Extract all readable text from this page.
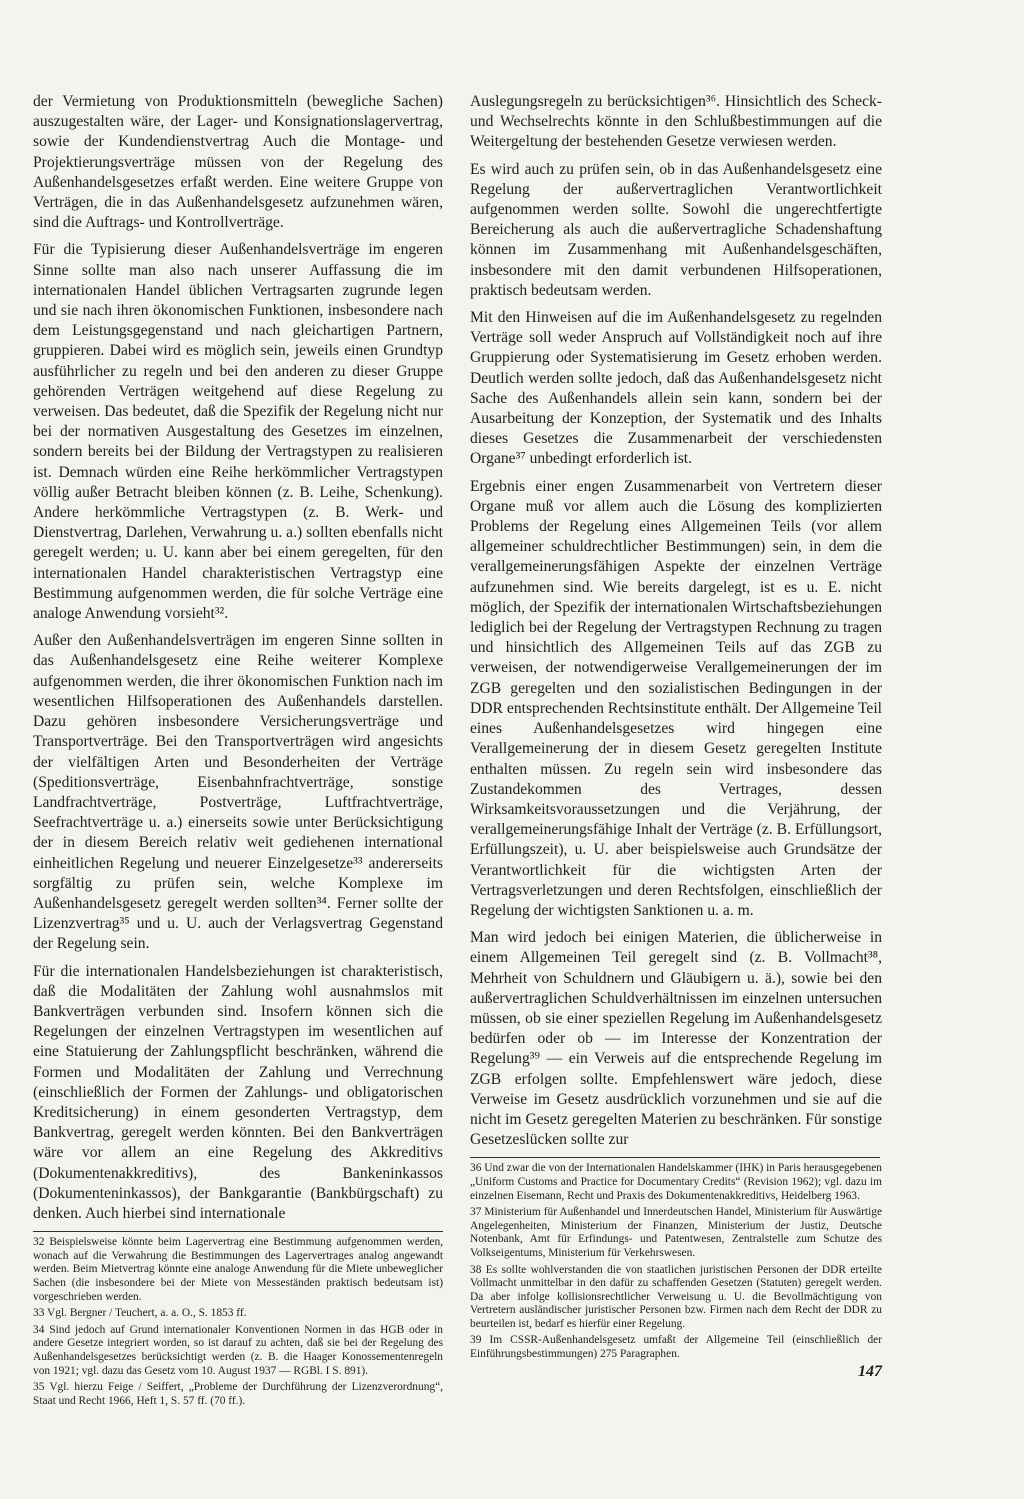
der Vermietung von Produktionsmitteln (bewegliche Sachen) auszugestalten wäre, der Lager- und Konsignationslagervertrag, sowie der Kundendienstvertrag Auch die Montage- und Projektierungsverträge müssen von der Regelung des Außenhandelsgesetzes erfaßt werden. Eine weitere Gruppe von Verträgen, die in das Außenhandelsgesetz aufzunehmen wären, sind die Auftrags- und Kontrollverträge.

Für die Typisierung dieser Außenhandelsverträge im engeren Sinne sollte man also nach unserer Auffassung die im internationalen Handel üblichen Vertragsarten zugrunde legen und sie nach ihren ökonomischen Funktionen, insbesondere nach dem Leistungsgegenstand und nach gleichartigen Partnern, gruppieren. Dabei wird es möglich sein, jeweils einen Grundtyp ausführlicher zu regeln und bei den anderen zu dieser Gruppe gehörenden Verträgen weitgehend auf diese Regelung zu verweisen. Das bedeutet, daß die Spezifik der Regelung nicht nur bei der normativen Ausgestaltung des Gesetzes im einzelnen, sondern bereits bei der Bildung der Vertragstypen zu realisieren ist. Demnach würden eine Reihe herkömmlicher Vertragstypen völlig außer Betracht bleiben können (z. B. Leihe, Schenkung). Andere herkömmliche Vertragstypen (z. B. Werk- und Dienstvertrag, Darlehen, Verwahrung u. a.) sollten ebenfalls nicht geregelt werden; u. U. kann aber bei einem geregelten, für den internationalen Handel charakteristischen Vertragstyp eine Bestimmung aufgenommen werden, die für solche Verträge eine analoge Anwendung vorsieht³².

Außer den Außenhandelsverträgen im engeren Sinne sollten in das Außenhandelsgesetz eine Reihe weiterer Komplexe aufgenommen werden, die ihrer ökonomischen Funktion nach im wesentlichen Hilfsoperationen des Außenhandels darstellen. Dazu gehören insbesondere Versicherungsverträge und Transportverträge. Bei den Transportverträgen wird angesichts der vielfältigen Arten und Besonderheiten der Verträge (Speditionsverträge, Eisenbahnfrachtverträge, sonstige Landfrachtverträge, Postverträge, Luftfrachtverträge, Seefrachtverträge u. a.) einerseits sowie unter Berücksichtigung der in diesem Bereich relativ weit gediehenen international einheitlichen Regelung und neuerer Einzelgesetze³³ andererseits sorgfältig zu prüfen sein, welche Komplexe im Außenhandelsgesetz geregelt werden sollten³⁴. Ferner sollte der Lizenzvertrag³⁵ und u. U. auch der Verlagsvertrag Gegenstand der Regelung sein.

Für die internationalen Handelsbeziehungen ist charakteristisch, daß die Modalitäten der Zahlung wohl ausnahmslos mit Bankverträgen verbunden sind. Insofern können sich die Regelungen der einzelnen Vertragstypen im wesentlichen auf eine Statuierung der Zahlungspflicht beschränken, während die Formen und Modalitäten der Zahlung und Verrechnung (einschließlich der Formen der Zahlungs- und obligatorischen Kreditsicherung) in einem gesonderten Vertragstyp, dem Bankvertrag, geregelt werden könnten. Bei den Bankverträgen wäre vor allem an eine Regelung des Akkreditivs (Dokumentenakkreditivs), des Bankeninkassos (Dokumenteninkassos), der Bankgarantie (Bankbürgschaft) zu denken. Auch hierbei sind internationale

32 Beispielsweise könnte beim Lagervertrag eine Bestimmung aufgenommen werden, wonach auf die Verwahrung die Bestimmungen des Lagervertrages analog angewandt werden. Beim Mietvertrag könnte eine analoge Anwendung für die Miete unbeweglicher Sachen (die insbesondere bei der Miete von Messeständen praktisch bedeutsam ist) vorgeschrieben werden.

33 Vgl. Bergner / Teuchert, a. a. O., S. 1853 ff.

34 Sind jedoch auf Grund internationaler Konventionen Normen in das HGB oder in andere Gesetze integriert worden, so ist darauf zu achten, daß sie bei der Regelung des Außenhandelsgesetzes berücksichtigt werden (z. B. die Haager Konossementenregeln von 1921; vgl. dazu das Gesetz vom 10. August 1937 — RGBl. I S. 891).

35 Vgl. hierzu Feige / Seiffert, „Probleme der Durchführung der Lizenzverordnung“, Staat und Recht 1966, Heft 1, S. 57 ff. (70 ff.).

Auslegungsregeln zu berücksichtigen³⁶. Hinsichtlich des Scheck- und Wechselrechts könnte in den Schlußbestimmungen auf die Weitergeltung der bestehenden Gesetze verwiesen werden.

Es wird auch zu prüfen sein, ob in das Außenhandelsgesetz eine Regelung der außervertraglichen Verantwortlichkeit aufgenommen werden sollte. Sowohl die ungerechtfertigte Bereicherung als auch die außervertragliche Schadenshaftung können im Zusammenhang mit Außenhandelsgeschäften, insbesondere mit den damit verbundenen Hilfsoperationen, praktisch bedeutsam werden.

Mit den Hinweisen auf die im Außenhandelsgesetz zu regelnden Verträge soll weder Anspruch auf Vollständigkeit noch auf ihre Gruppierung oder Systematisierung im Gesetz erhoben werden. Deutlich werden sollte jedoch, daß das Außenhandelsgesetz nicht Sache des Außenhandels allein sein kann, sondern bei der Ausarbeitung der Konzeption, der Systematik und des Inhalts dieses Gesetzes die Zusammenarbeit der verschiedensten Organe³⁷ unbedingt erforderlich ist.

Ergebnis einer engen Zusammenarbeit von Vertretern dieser Organe muß vor allem auch die Lösung des komplizierten Problems der Regelung eines Allgemeinen Teils (vor allem allgemeiner schuldrechtlicher Bestimmungen) sein, in dem die verallgemeinerungsfähigen Aspekte der einzelnen Verträge aufzunehmen sind. Wie bereits dargelegt, ist es u. E. nicht möglich, der Spezifik der internationalen Wirtschaftsbeziehungen lediglich bei der Regelung der Vertragstypen Rechnung zu tragen und hinsichtlich des Allgemeinen Teils auf das ZGB zu verweisen, der notwendigerweise Verallgemeinerungen der im ZGB geregelten und den sozialistischen Bedingungen in der DDR entsprechenden Rechtsinstitute enthält. Der Allgemeine Teil eines Außenhandelsgesetzes wird hingegen eine Verallgemeinerung der in diesem Gesetz geregelten Institute enthalten müssen. Zu regeln sein wird insbesondere das Zustandekommen des Vertrages, dessen Wirksamkeitsvoraussetzungen und die Verjährung, der verallgemeinerungsfähige Inhalt der Verträge (z. B. Erfüllungsort, Erfüllungszeit), u. U. aber beispielsweise auch Grundsätze der Verantwortlichkeit für die wichtigsten Arten der Vertragsverletzungen und deren Rechtsfolgen, einschließlich der Regelung der wichtigsten Sanktionen u. a. m.

Man wird jedoch bei einigen Materien, die üblicherweise in einem Allgemeinen Teil geregelt sind (z. B. Vollmacht³⁸, Mehrheit von Schuldnern und Gläubigern u. ä.), sowie bei den außervertraglichen Schuldverhältnissen im einzelnen untersuchen müssen, ob sie einer speziellen Regelung im Außenhandelsgesetz bedürfen oder ob — im Interesse der Konzentration der Regelung³⁹ — ein Verweis auf die entsprechende Regelung im ZGB erfolgen sollte. Empfehlenswert wäre jedoch, diese Verweise im Gesetz ausdrücklich vorzunehmen und sie auf die nicht im Gesetz geregelten Materien zu beschränken. Für sonstige Gesetzeslücken sollte zur

36 Und zwar die von der Internationalen Handelskammer (IHK) in Paris herausgegebenen „Uniform Customs and Practice for Documentary Credits“ (Revision 1962); vgl. dazu im einzelnen Eisemann, Recht und Praxis des Dokumentenakkreditivs, Heidelberg 1963.

37 Ministerium für Außenhandel und Innerdeutschen Handel, Ministerium für Auswärtige Angelegenheiten, Ministerium der Finanzen, Ministerium der Justiz, Deutsche Notenbank, Amt für Erfindungs- und Patentwesen, Zentralstelle zum Schutze des Volkseigentums, Ministerium für Verkehrswesen.

38 Es sollte wohlverstanden die von staatlichen juristischen Personen der DDR erteilte Vollmacht unmittelbar in den dafür zu schaffenden Gesetzen (Statuten) geregelt werden. Da aber infolge kollisionsrechtlicher Verweisung u. U. die Bevollmächtigung von Vertretern ausländischer juristischer Personen bzw. Firmen nach dem Recht der DDR zu beurteilen ist, bedarf es hierfür einer Regelung.

39 Im CSSR-Außenhandelsgesetz umfaßt der Allgemeine Teil (einschließlich der Einführungsbestimmungen) 275 Paragraphen.

147
